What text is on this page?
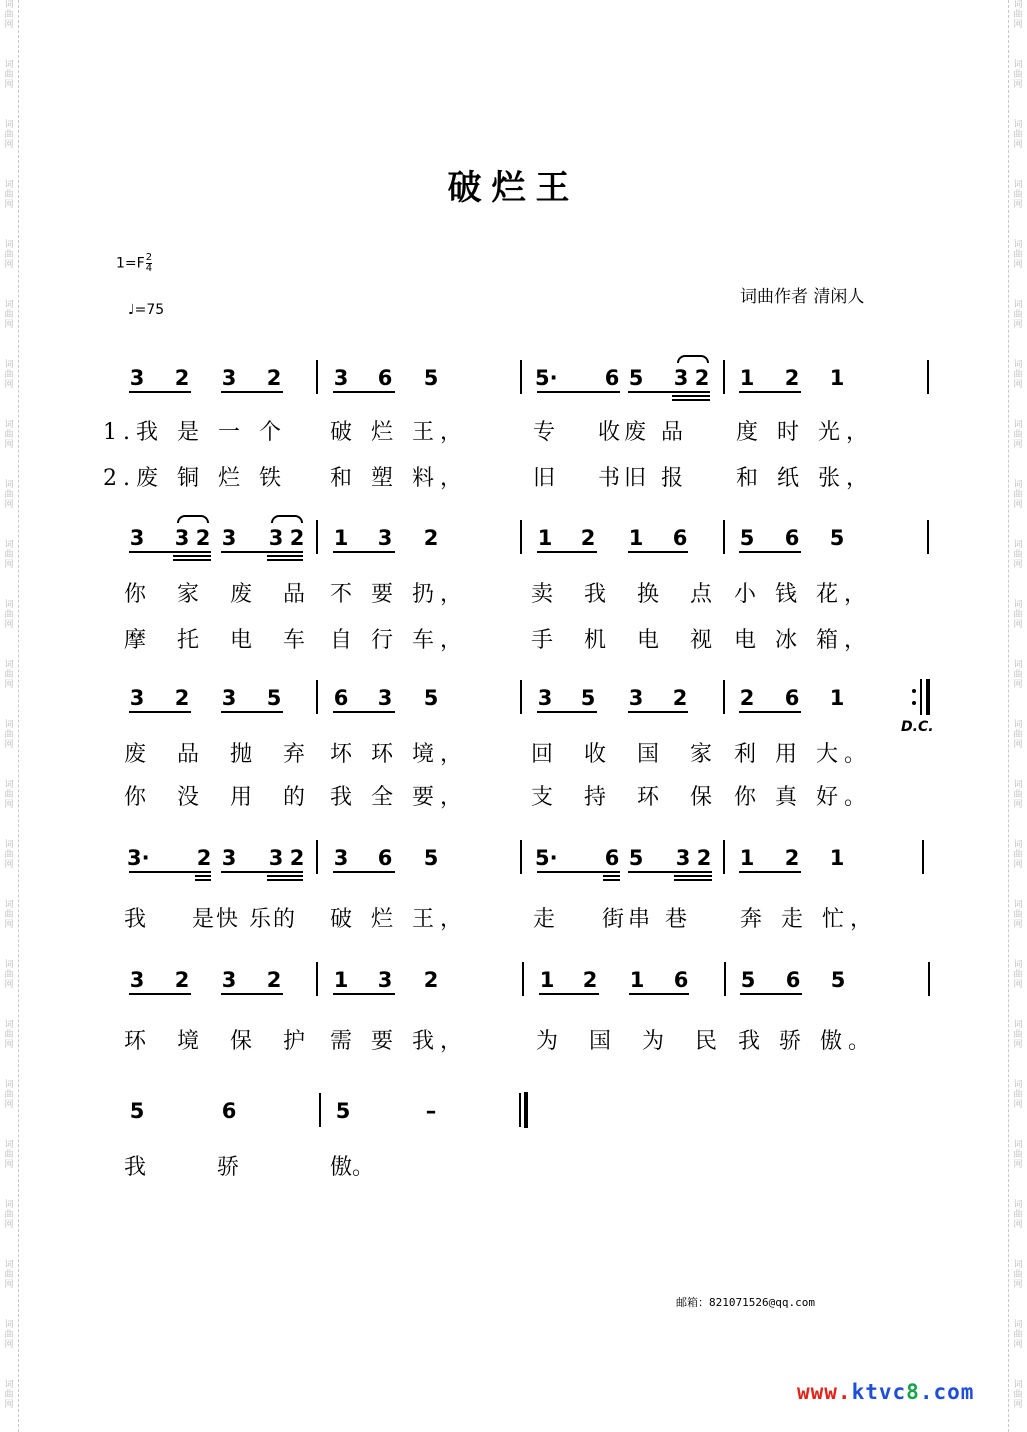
词
曲
网
词
曲
网
词
曲
网
词
曲
网
词
曲
网
词
曲
网
词
曲
网
词
曲
网
词
曲
网
词
曲
网
词
曲
网
词
曲
网
词
曲
网
词
曲
网
词
曲
网
词
曲
网
词
曲
网
词
曲
网
词
曲
网
词
曲
网
词
曲
网
词
曲
网
词
曲
网
词
曲
网
词
曲
网
词
曲
网
词
曲
网
词
曲
网
词
曲
网
词
曲
网
词
曲
网
词
曲
网
词
曲
网
词
曲
网
词
曲
网
词
曲
网
词
曲
网
词
曲
网
词
曲
网
词
曲
网
词
曲
网
词
曲
网
词
曲
网
词
曲
网
词
曲
网
词
曲
网
词
曲
网
词
曲
网
破烂王
$1=F \frac{2}{4}$
♩=75
词曲作者 清闲人
3 2 3 2 3 6 5	5· 6 5 3 2 1 2 1
1.我 是 一 个 破 烂 王，	专 收废 品 度 时 光，
2.废 铜 烂 铁 和 塑 料，	旧 书旧 报 和 纸 张，
3 3 2 3 3 2 1 3 2	1 2 1 6 5 6 5
你 家 废 品 不 要 扔，	卖 我 换 点 小 钱 花，
摩 托 电 车 自 行 车，	手 机 电 视 电 冰 箱，
3 2 3 5 6 3 5	3 5 3 2 2 6 1
D.C.
废 品 抛 弃 坏 环 境，	回 收 国 家 利 用 大。
你 没 用 的 我 全 要，	支 持 环 保 你 真 好。
3· 2 3 3 2 3 6 5	5· 6 5 3 2 1 2 1
我 是快 乐的 破 烂 王，	走 街串 巷 奔 走 忙，
3 2 3 2 1 3 2	1 2 1 6 5 6 5
环 境 保 护 需 要 我，	为 国 为 民 我 骄 傲。
5	6	5	–
我	骄	傲。
邮箱：821071526@qq.com
www.ktvc8.com
